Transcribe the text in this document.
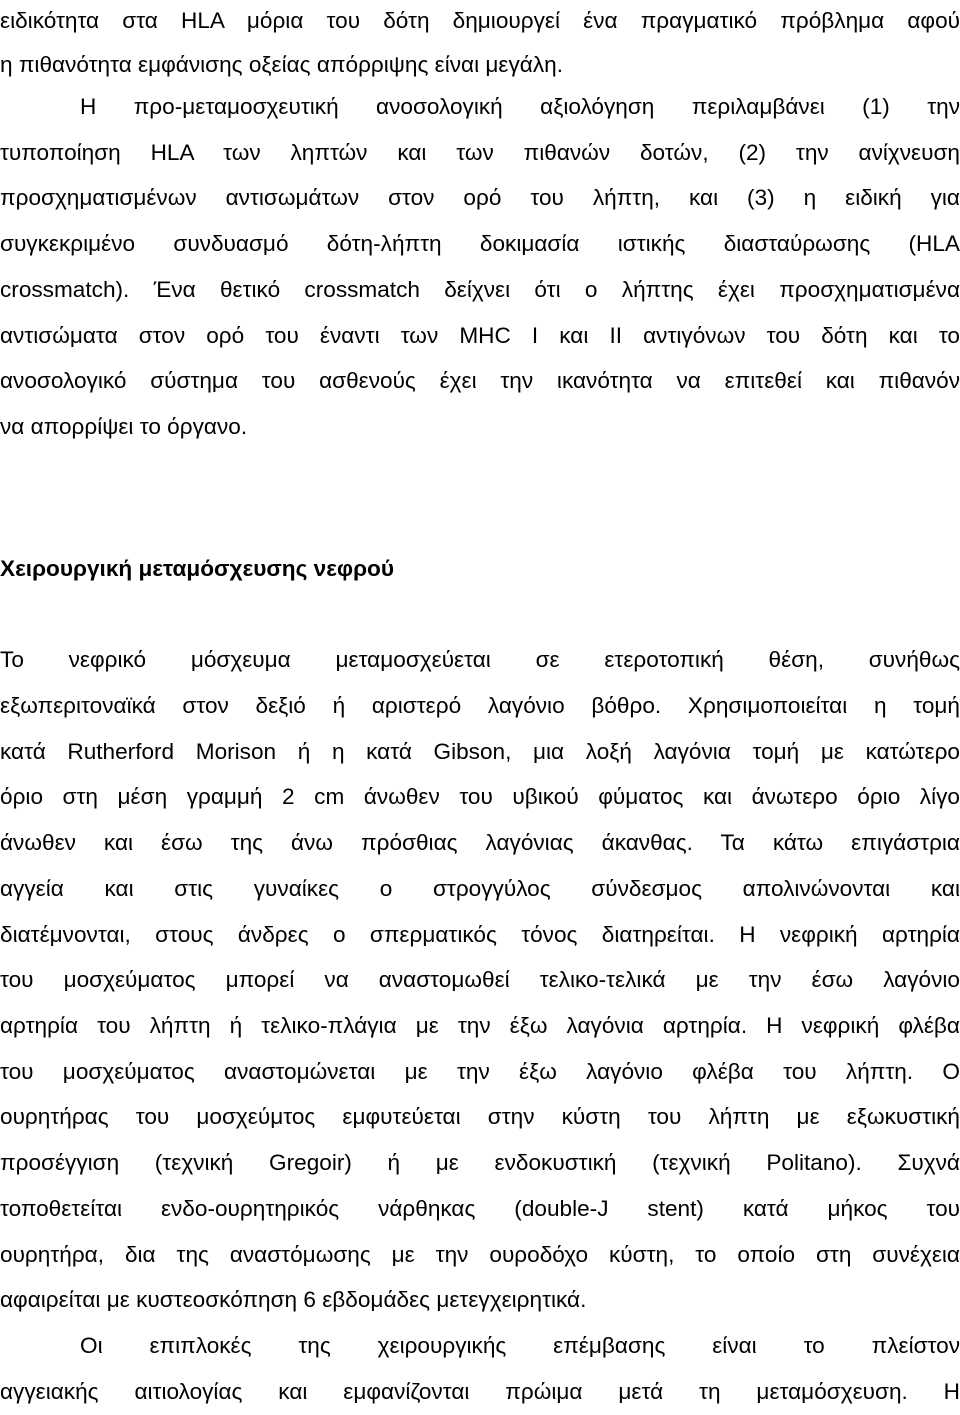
ειδικότητα στα HLA μόρια του δότη δημιουργεί ένα πραγματικό πρόβλημα αφού

η πιθανότητα εμφάνισης οξείας απόρριψης είναι μεγάλη.

Η προ-μεταμοσχευτική ανοσολογική αξιολόγηση περιλαμβάνει (1) την

τυποποίηση HLA των ληπτών και των πιθανών δοτών, (2) την ανίχνευση

προσχηματισμένων αντισωμάτων στον ορό του λήπτη, και (3) η ειδική για

συγκεκριμένο συνδυασμό δότη-λήπτη δοκιμασία ιστικής διασταύρωσης (HLA

crossmatch). Ένα θετικό crossmatch δείχνει ότι ο λήπτης έχει προσχηματισμένα

αντισώματα στον ορό του έναντι των MHC I και II αντιγόνων του δότη και το

ανοσολογικό σύστημα του ασθενούς έχει την ικανότητα να επιτεθεί και πιθανόν

να απορρίψει το όργανο.

Χειρουργική μεταμόσχευσης νεφρού

Το νεφρικό μόσχευμα μεταμοσχεύεται σε ετεροτοπική θέση, συνήθως

εξωπεριτοναϊκά στον δεξιό ή αριστερό λαγόνιο βόθρο. Χρησιμοποιείται η τομή

κατά Rutherford Morison ή η κατά Gibson, μια λοξή λαγόνια τομή με κατώτερο

όριο στη μέση γραμμή 2 cm άνωθεν του υβικού φύματος και άνωτερο όριο λίγο

άνωθεν και έσω της άνω πρόσθιας λαγόνιας άκανθας. Τα κάτω επιγάστρια

αγγεία και στις γυναίκες ο στρογγύλος σύνδεσμος απολινώνονται και

διατέμνονται, στους άνδρες ο σπερματικός τόνος διατηρείται. Η νεφρική αρτηρία

του μοσχεύματος μπορεί να αναστομωθεί τελικο-τελικά με την έσω λαγόνιο

αρτηρία του λήπτη ή τελικο-πλάγια με την έξω λαγόνια αρτηρία. Η νεφρική φλέβα

του μοσχεύματος αναστομώνεται με την έξω λαγόνιο φλέβα του λήπτη. Ο

ουρητήρας του μοσχεύμτος εμφυτεύεται στην κύστη του λήπτη με εξωκυστική

προσέγγιση (τεχνική Gregoir) ή με ενδοκυστική (τεχνική Politano). Συχνά

τοποθετείται ενδο-ουρητηρικός νάρθηκας (double-J stent) κατά μήκος του

ουρητήρα, δια της αναστόμωσης με την ουροδόχο κύστη, το οποίο στη συνέχεια

αφαιρείται με κυστεοσκόπηση 6 εβδομάδες μετεγχειρητικά.

Οι επιπλοκές της χειρουργικής επέμβασης είναι το πλείστον

αγγειακής αιτιολογίας και εμφανίζονται πρώιμα μετά τη μεταμόσχευση. Η
